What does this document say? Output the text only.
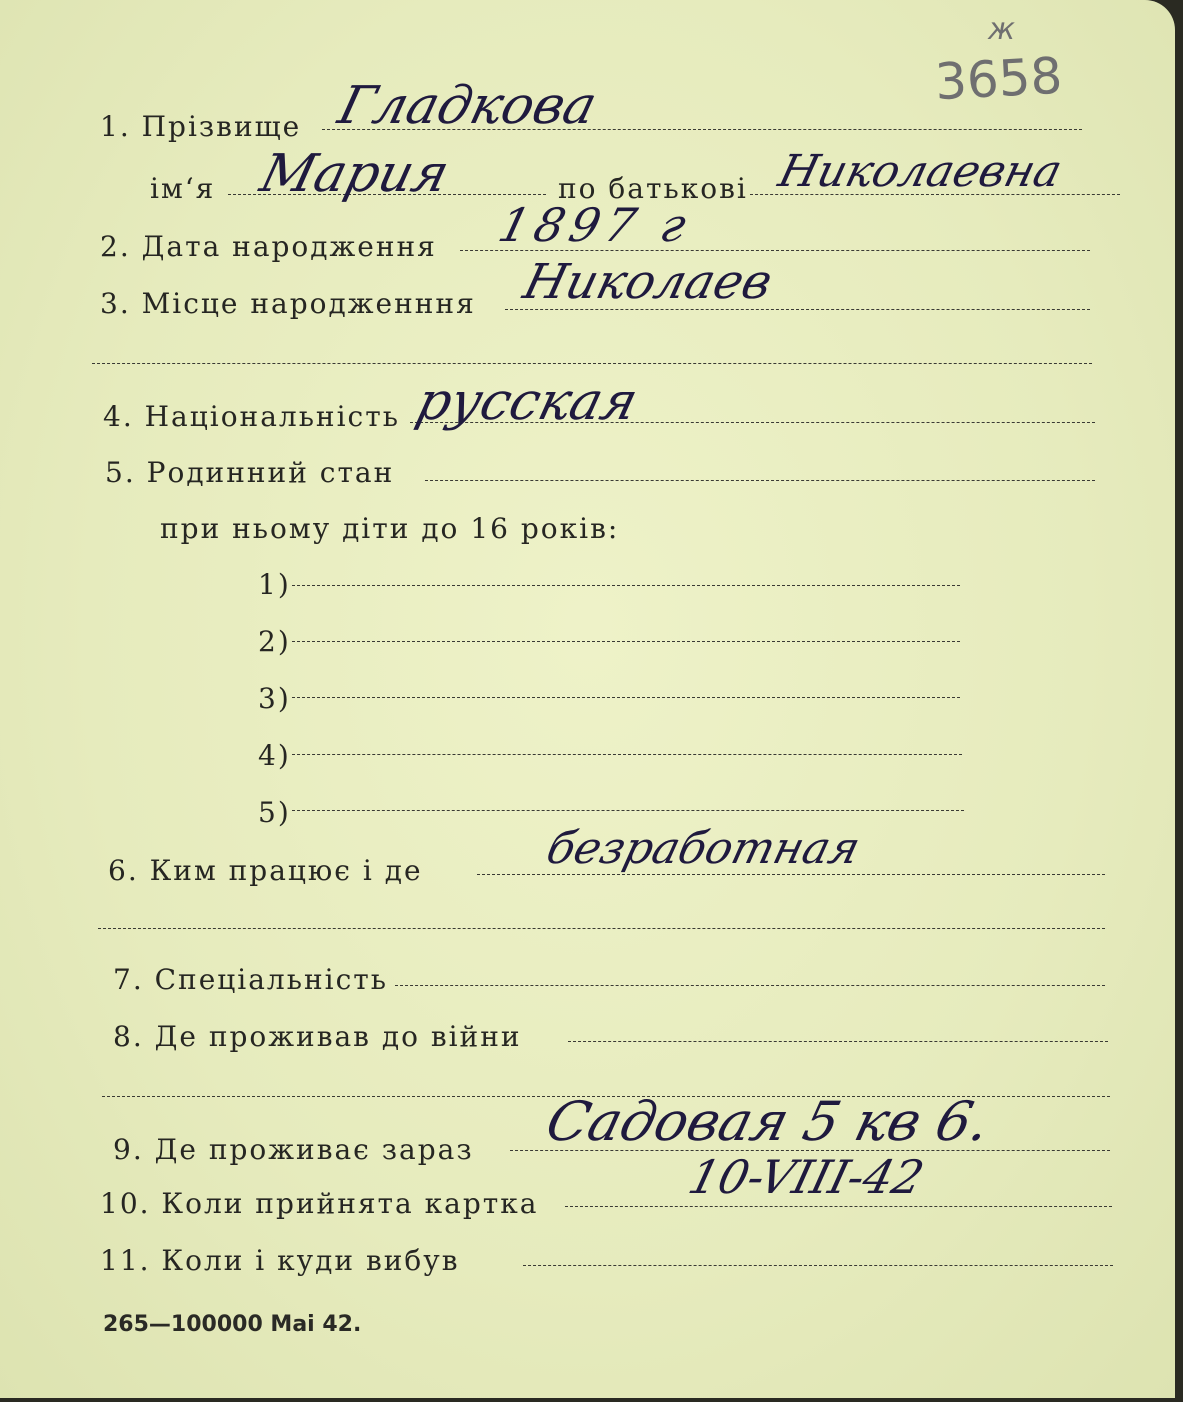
ж
3658
1. Прізвище Гладкова
ім‘я Мария	по батькові Николаевна
2. Дата народження 1897 г
3. Місце народженння Николаев
4. Національність русская
5. Родинний стан
при ньому діти до 16 років:
1)
2)
3)
4)
5)
6. Ким працює і де	безработная
7. Спеціальність
8. Де проживав до війни
9. Де проживає зараз Садовая 5 кв 6.
10. Коли прийнята картка	10-VIII-42
11. Коли і куди вибув
265—100000 Mai 42.
